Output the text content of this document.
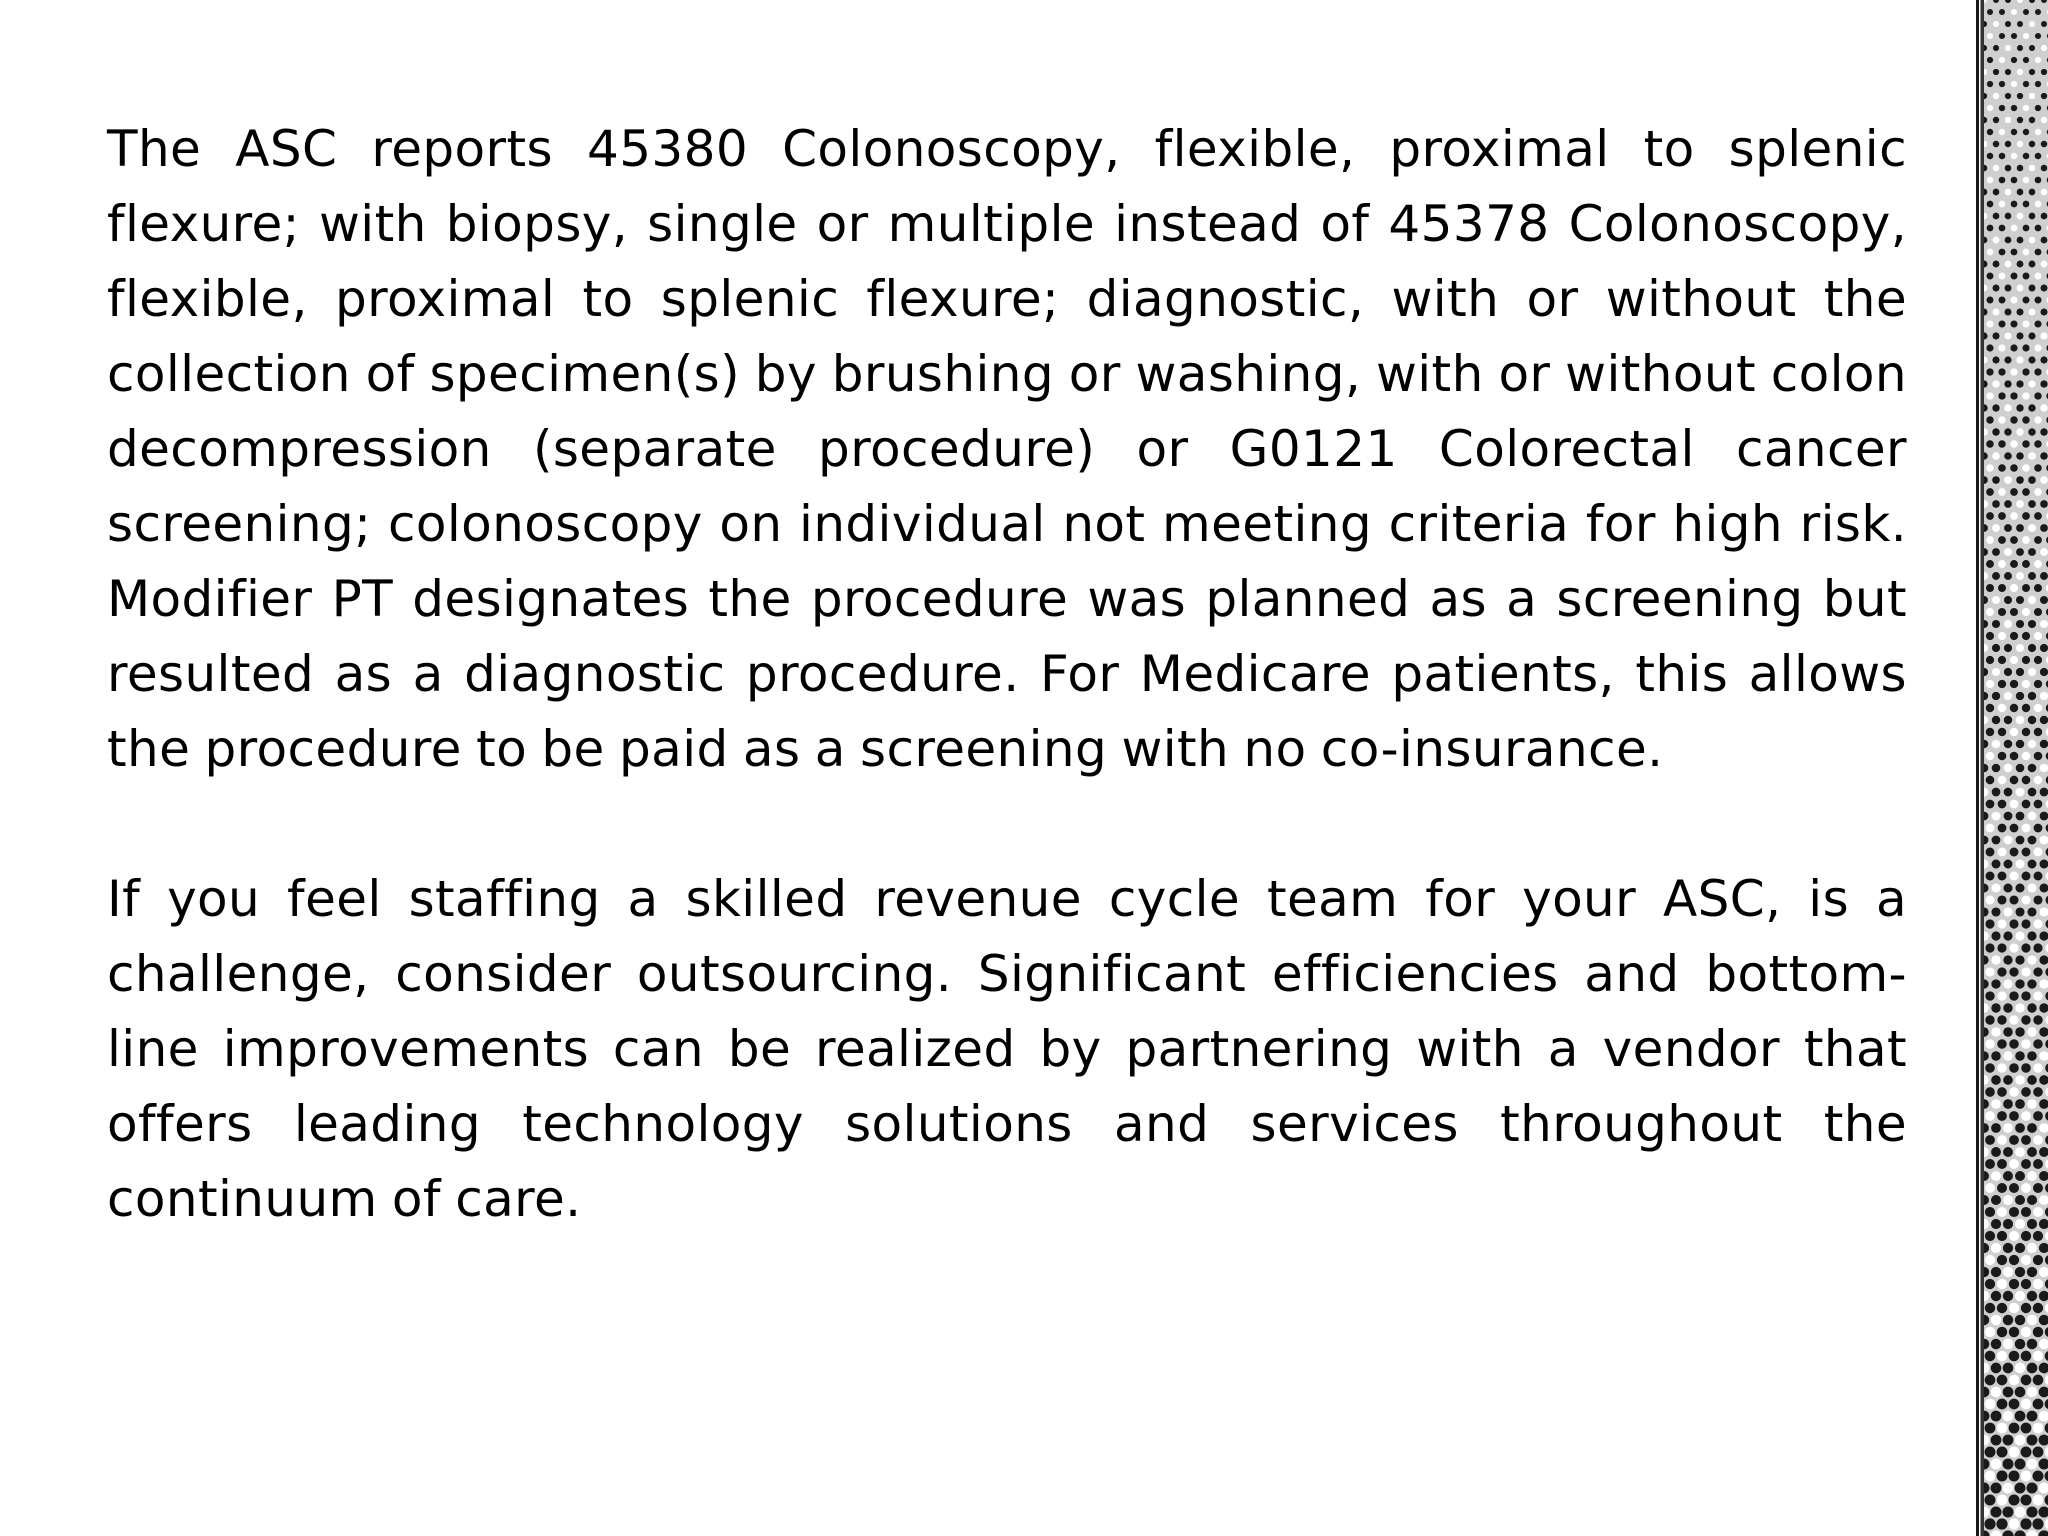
The ASC reports 45380 Colonoscopy, flexible, proximal to splenic flexure; with biopsy, single or multiple instead of 45378 Colonoscopy, flexible, proximal to splenic flexure; diagnostic, with or without the collection of specimen(s) by brushing or washing, with or without colon decompression (separate procedure) or G0121 Colorectal cancer screening; colonoscopy on individual not meeting criteria for high risk. Modifier PT designates the procedure was planned as a screening but resulted as a diagnostic procedure. For Medicare patients, this allows the procedure to be paid as a screening with no co-insurance.

If you feel staffing a skilled revenue cycle team for your ASC, is a challenge, consider outsourcing. Significant efficiencies and bottom-line improvements can be realized by partnering with a vendor that offers leading technology solutions and services throughout the continuum of care.
